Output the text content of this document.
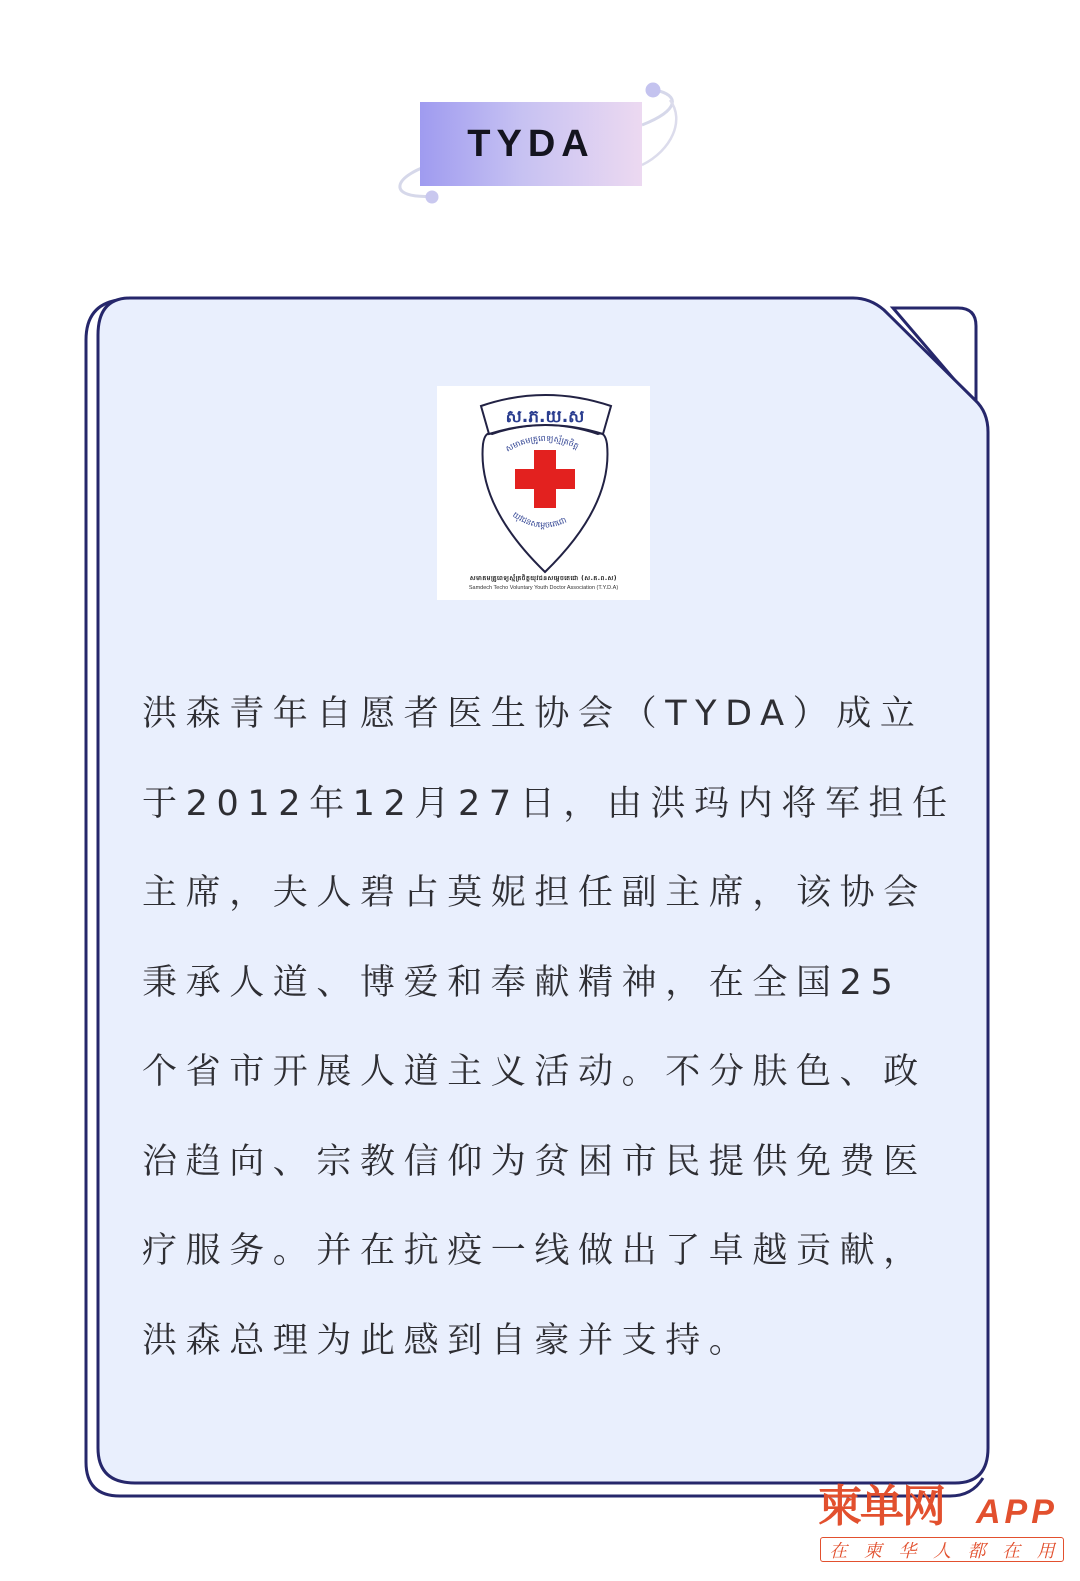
TYDA
ស.ភ.យ.ស
សមាគមគ្រូពេទ្យស្ម័គ្រចិត្ត
យុវជនសម្តេចតេជោ
សមាគមគ្រូពេទ្យស្ម័គ្រចិត្តយុវជនសម្តេចតេជោ (ស.គ.ព.ស)
Samdech Techo Voluntary Youth Doctor Association (T.Y.D.A)
洪森青年自愿者医生协会（TYDA）成立
于2012年12月27日，由洪玛内将军担任
主席，夫人碧占莫妮担任副主席，该协会
秉承人道、博爱和奉献精神，在全国25
个省市开展人道主义活动。不分肤色、政
治趋向、宗教信仰为贫困市民提供免费医
疗服务。并在抗疫一线做出了卓越贡献，
洪森总理为此感到自豪并支持。
柬单网 APP
在 柬 华 人 都 在 用
